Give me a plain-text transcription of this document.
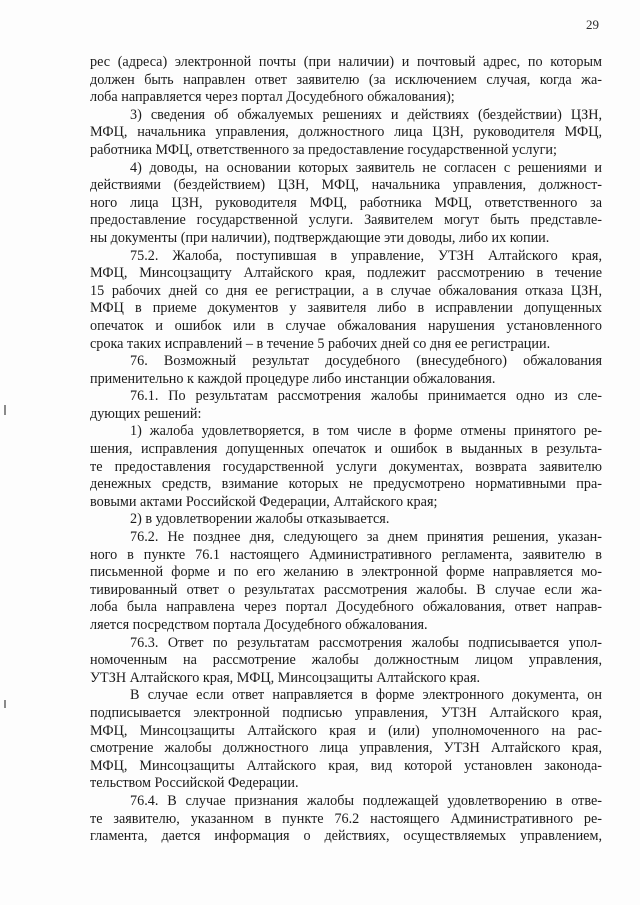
29
рес (адреса) электронной почты (при наличии) и почтовый адрес, по которым
должен быть направлен ответ заявителю (за исключением случая, когда жа-
лоба направляется через портал Досудебного обжалования);
3) сведения об обжалуемых решениях и действиях (бездействии) ЦЗН,
МФЦ, начальника управления, должностного лица ЦЗН, руководителя МФЦ,
работника МФЦ, ответственного за предоставление государственной услуги;
4) доводы, на основании которых заявитель не согласен с решениями и
действиями (бездействием) ЦЗН, МФЦ, начальника управления, должност-
ного лица ЦЗН, руководителя МФЦ, работника МФЦ, ответственного за
предоставление государственной услуги. Заявителем могут быть представле-
ны документы (при наличии), подтверждающие эти доводы, либо их копии.
75.2. Жалоба, поступившая в управление, УТЗН Алтайского края,
МФЦ, Минсоцзащиту Алтайского края, подлежит рассмотрению в течение
15 рабочих дней со дня ее регистрации, а в случае обжалования отказа ЦЗН,
МФЦ в приеме документов у заявителя либо в исправлении допущенных
опечаток и ошибок или в случае обжалования нарушения установленного
срока таких исправлений – в течение 5 рабочих дней со дня ее регистрации.
76. Возможный результат досудебного (внесудебного) обжалования
применительно к каждой процедуре либо инстанции обжалования.
76.1. По результатам рассмотрения жалобы принимается одно из сле-
дующих решений:
1) жалоба удовлетворяется, в том числе в форме отмены принятого ре-
шения, исправления допущенных опечаток и ошибок в выданных в результа-
те предоставления государственной услуги документах, возврата заявителю
денежных средств, взимание которых не предусмотрено нормативными пра-
вовыми актами Российской Федерации, Алтайского края;
2) в удовлетворении жалобы отказывается.
76.2. Не позднее дня, следующего за днем принятия решения, указан-
ного в пункте 76.1 настоящего Административного регламента, заявителю в
письменной форме и по его желанию в электронной форме направляется мо-
тивированный ответ о результатах рассмотрения жалобы. В случае если жа-
лоба была направлена через портал Досудебного обжалования, ответ направ-
ляется посредством портала Досудебного обжалования.
76.3. Ответ по результатам рассмотрения жалобы подписывается упол-
номоченным на рассмотрение жалобы должностным лицом управления,
УТЗН Алтайского края, МФЦ, Минсоцзащиты Алтайского края.
В случае если ответ направляется в форме электронного документа, он
подписывается электронной подписью управления, УТЗН Алтайского края,
МФЦ, Минсоцзащиты Алтайского края и (или) уполномоченного на рас-
смотрение жалобы должностного лица управления, УТЗН Алтайского края,
МФЦ, Минсоцзащиты Алтайского края, вид которой установлен законода-
тельством Российской Федерации.
76.4. В случае признания жалобы подлежащей удовлетворению в отве-
те заявителю, указанном в пункте 76.2 настоящего Административного ре-
гламента, дается информация о действиях, осуществляемых управлением,
